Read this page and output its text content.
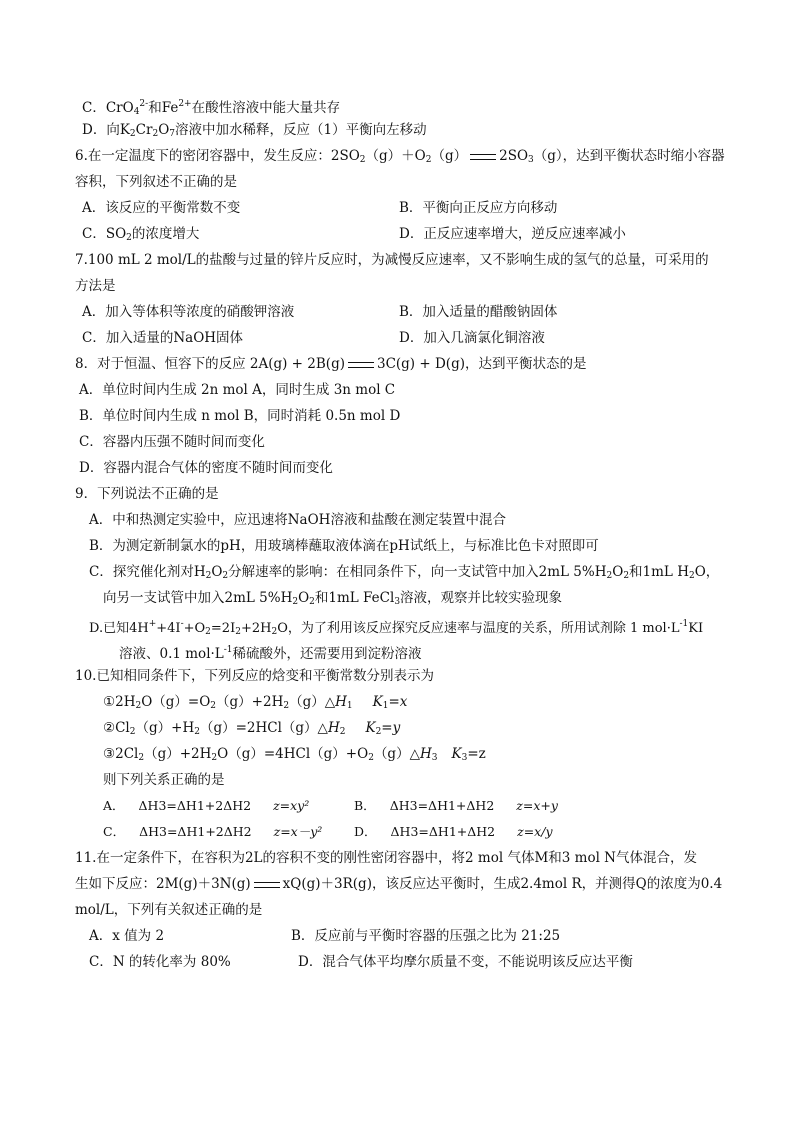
C．CrO$_4^{2-}$和$Fe^{2+}$在酸性溶液中能大量共存
D．向$K_2Cr_2O_7$溶液中加水稀释，反应（1）平衡向左移动
6.在一定温度下的密闭容器中，发生反应：$2SO_2(g)+O_2(g)$ $2SO_3(g)$，达到平衡状态时缩小容器
容积，下列叙述不正确的是
A．该反应的平衡常数不变	B．平衡向正反应方向移动
C．$SO_2$的浓度增大	D．正反应速率增大，逆反应速率减小
7.100 mL 2 mol/L的盐酸与过量的锌片反应时，为减慢反应速率，又不影响生成的氢气的总量，可采用的
方法是
A．加入等体积等浓度的硝酸钾溶液	B．加入适量的醋酸钠固体
C．加入适量的NaOH固体	D．加入几滴氯化铜溶液
8．对于恒温、恒容下的反应 2A(g) + 2B(g) 3C(g) + D(g)，达到平衡状态的是
A．单位时间内生成 2n mol A，同时生成 3n mol C
B．单位时间内生成 n mol B，同时消耗 0.5n mol D
C．容器内压强不随时间而变化
D．容器内混合气体的密度不随时间而变化
9．下列说法不正确的是
A．中和热测定实验中，应迅速将NaOH溶液和盐酸在测定装置中混合
B．为测定新制氯水的pH，用玻璃棒蘸取液体滴在pH试纸上，与标准比色卡对照即可
C．探究催化剂对$H_2O_2$分解速率的影响：在相同条件下，向一支试管中加入2mL $5\%H_2O_2$和1mL $H_2O$，
向另一支试管中加入2mL $5\%H_2O_2$和1mL FeCl$_3$溶液，观察并比较实验现象
D.已知$4H^++4I^-+O_2=2I_2+2H_2O$，为了利用该反应探究反应速率与温度的关系，所用试剂除 1 $mol\cdot L^{-1}KI$
溶液、0.1 $mol\cdot L^{-1}$稀硫酸外，还需要用到淀粉溶液
10.已知相同条件下，下列反应的焓变和平衡常数分别表示为
$①2H_2O(g)=O_2(g)+2H_2(g)\triangle H_1$ $K_1=x$
$②Cl_2(g)+H_2(g)=2HCl(g)\triangle H_2$ $K_2=y$
$③2Cl_2(g)+2H_2O(g)=4HCl(g)+O_2(g)\triangle H_3$ $K_3=z$
则下列关系正确的是
A． ΔH3=ΔH1+2ΔH2 z=xy²	B． ΔH3=ΔH1+ΔH2 z=x+y
C． ΔH3=ΔH1+2ΔH2 z=x－y²	D． ΔH3=ΔH1+ΔH2 z=x/y
11.在一定条件下，在容积为2L的容积不变的刚性密闭容器中，将2 mol 气体M和3 mol N气体混合，发
生如下反应：2M(g)＋3N(g) xQ(g)＋3R(g)，该反应达平衡时，生成2.4mol R，并测得Q的浓度为0.4
mol/L，下列有关叙述正确的是
A．x 值为 2	B．反应前与平衡时容器的压强之比为 21:25
C．N 的转化率为 80%	D．混合气体平均摩尔质量不变，不能说明该反应达平衡
